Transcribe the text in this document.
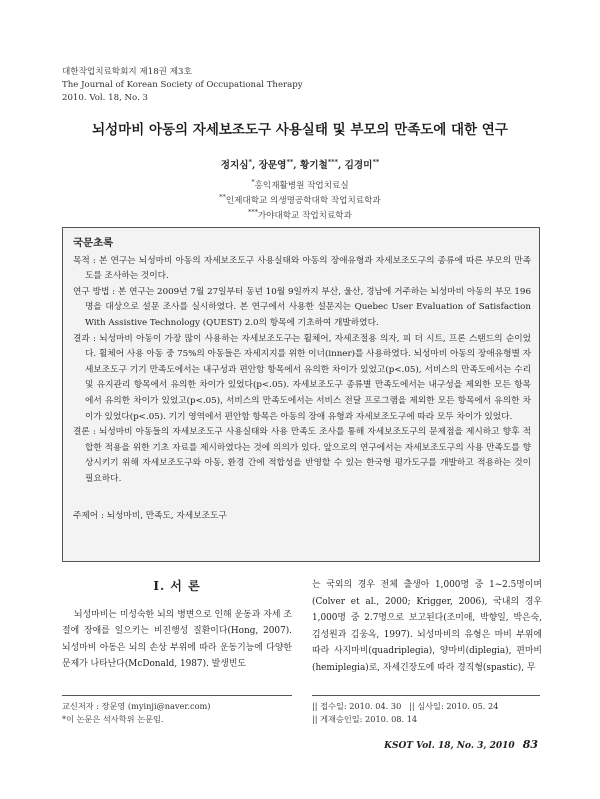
대한작업치료학회지 제18권 제3호
The Journal of Korean Society of Occupational Therapy
2010. Vol. 18, No. 3
뇌성마비 아동의 자세보조도구 사용실태 및 부모의 만족도에 대한 연구
정지심*, 장문영**, 황기철***, 김경미**
*홍익재활병원 작업치료실
**인제대학교 의생명공학대학 작업치료학과
***가야대학교 작업치료학과
국문초록

목적 : 본 연구는 뇌성마비 아동의 자세보조도구 사용실태와 아동의 장애유형과 자세보조도구의 종류에 따른 부모의 만족도를 조사하는 것이다.

연구 방법 : 본 연구는 2009년 7월 27일부터 동년 10월 9일까지 부산, 울산, 경남에 거주하는 뇌성마비 아동의 부모 196명을 대상으로 설문 조사를 실시하였다. 본 연구에서 사용한 설문지는 Quebec User Evaluation of Satisfaction With Assistive Technology (QUEST) 2.0의 항목에 기초하여 개발하였다.

결과 : 뇌성마비 아동이 가장 많이 사용하는 자세보조도구는 휠체어, 자세조절용 의자, 피 더 시트, 프론 스탠드의 순이었다. 휠체어 사용 아동 중 75%의 아동들은 자세지지를 위한 이너(inner)를 사용하였다. 뇌성마비 아동의 장애유형별 자세보조도구 기기 만족도에서는 내구성과 편안함 항목에서 유의한 차이가 있었고(p<.05), 서비스의 만족도에서는 수리 및 유지관리 항목에서 유의한 차이가 있었다(p<.05). 자세보조도구 종류별 만족도에서는 내구성을 제외한 모든 항목에서 유의한 차이가 있었고(p<.05), 서비스의 만족도에서는 서비스 전달 프로그램을 제외한 모든 항목에서 유의한 차이가 있었다(p<.05). 기기 영역에서 편안함 항목은 아동의 장애 유형과 자세보조도구에 따라 모두 차이가 있었다.

결론 : 뇌성마비 아동들의 자세보조도구 사용실태와 사용 만족도 조사를 통해 자세보조도구의 문제점을 제시하고 향후 적합한 적용을 위한 기초 자료를 제시하였다는 것에 의의가 있다. 앞으로의 연구에서는 자세보조도구의 사용 만족도를 향상시키기 위해 자세보조도구와 아동, 환경 간에 적합성을 반영할 수 있는 한국형 평가도구를 개발하고 적용하는 것이 필요하다.

주제어 : 뇌성마비, 만족도, 자세보조도구

Ⅰ. 서 론

뇌성마비는 미성숙한 뇌의 병변으로 인해 운동과 자세 조절에 장애를 일으키는 비진행성 질환이다(Hong, 2007). 뇌성마비 아동은 뇌의 손상 부위에 따라 운동기능에 다양한 문제가 나타난다(McDonald, 1987). 발생빈도

는 국외의 경우 전체 출생아 1,000명 중 1~2.5명이며(Colver et al., 2000; Krigger, 2006), 국내의 경우 1,000명 중 2.7명으로 보고된다(조미애, 박향일, 박은숙, 김성원과 김웅옥, 1997). 뇌성마비의 유형은 마비 부위에 따라 사지마비(quadriplegia), 양마비(diplegia), 편마비(hemiplegia)로, 자세긴장도에 따라 경직형(spastic), 무

교신저자 : 장문영 (myinji@naver.com)
*이 논문은 석사학위 논문임.
|| 접수일: 2010. 04. 30 || 심사일: 2010. 05. 24
|| 게재승인일: 2010. 08. 14
KSOT Vol. 18, No. 3, 2010 83
